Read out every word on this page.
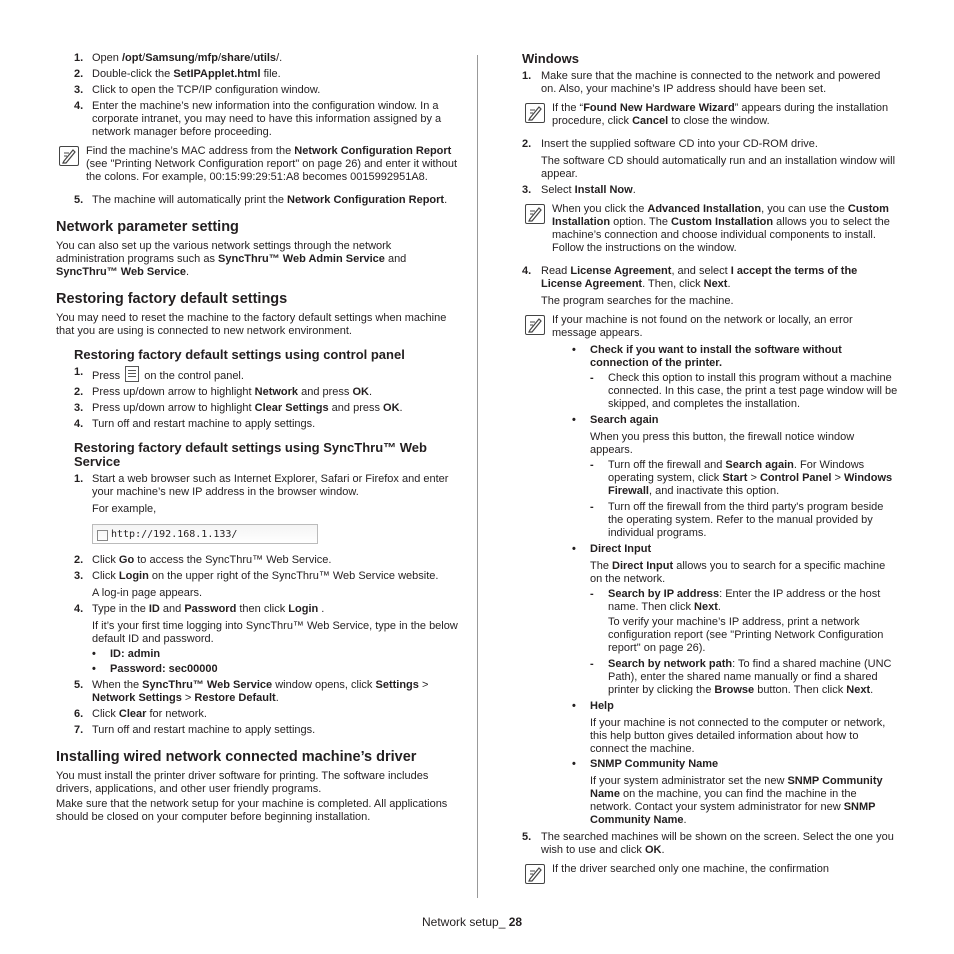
1. Open /opt/Samsung/mfp/share/utils/.
2. Double-click the SetIPApplet.html file.
3. Click to open the TCP/IP configuration window.
4. Enter the machine’s new information into the configuration window. In a corporate intranet, you may need to have this information assigned by a network manager before proceeding.
Find the machine’s MAC address from the Network Configuration Report (see "Printing Network Configuration report" on page 26) and enter it without the colons. For example, 00:15:99:29:51:A8 becomes 0015992951A8.
5. The machine will automatically print the Network Configuration Report.
Network parameter setting

You can also set up the various network settings through the network administration programs such as SyncThru™ Web Admin Service and SyncThru™ Web Service.

Restoring factory default settings

You may need to reset the machine to the factory default settings when machine that you are using is connected to new network environment.

Restoring factory default settings using control panel
1. Press on the control panel.
2. Press up/down arrow to highlight Network and press OK.
3. Press up/down arrow to highlight Clear Settings and press OK.
4. Turn off and restart machine to apply settings.
Restoring factory default settings using SyncThru™ Web Service
1. Start a web browser such as Internet Explorer, Safari or Firefox and enter your machine’s new IP address in the browser window.
For example,
http://192.168.1.133/
2. Click Go to access the SyncThru™ Web Service.
3. Click Login on the upper right of the SyncThru™ Web Service website.
A log-in page appears.
4. Type in the ID and Password then click Login .
If it’s your first time logging into SyncThru™ Web Service, type in the below default ID and password.
• ID: admin
• Password: sec00000
5. When the SyncThru™ Web Service window opens, click Settings > Network Settings > Restore Default.
6. Click Clear for network.
7. Turn off and restart machine to apply settings.
Installing wired network connected machine’s driver

You must install the printer driver software for printing. The software includes drivers, applications, and other user friendly programs.

Make sure that the network setup for your machine is completed. All applications should be closed on your computer before beginning installation.

Windows
1. Make sure that the machine is connected to the network and powered on. Also, your machine’s IP address should have been set.
If the “Found New Hardware Wizard” appears during the installation procedure, click Cancel to close the window.
2. Insert the supplied software CD into your CD-ROM drive.
The software CD should automatically run and an installation window will appear.
3. Select Install Now.
When you click the Advanced Installation, you can use the Custom Installation option. The Custom Installation allows you to select the machine’s connection and choose individual components to install. Follow the instructions on the window.
4. Read License Agreement, and select I accept the terms of the License Agreement. Then, click Next.
The program searches for the machine.
If your machine is not found on the network or locally, an error message appears.
• Check if you want to install the software without connection of the printer.
- Check this option to install this program without a machine connected. In this case, the print a test page window will be skipped, and completes the installation.
• Search again
When you press this button, the firewall notice window appears.
- Turn off the firewall and Search again. For Windows operating system, click Start > Control Panel > Windows Firewall, and inactivate this option.
- Turn off the firewall from the third party's program beside the operating system. Refer to the manual provided by individual programs.
• Direct Input
The Direct Input allows you to search for a specific machine on the network.
- Search by IP address: Enter the IP address or the host name. Then click Next.
To verify your machine’s IP address, print a network configuration report (see "Printing Network Configuration report" on page 26).
- Search by network path: To find a shared machine (UNC Path), enter the shared name manually or find a shared printer by clicking the Browse button. Then click Next.
• Help
If your machine is not connected to the computer or network, this help button gives detailed information about how to connect the machine.
• SNMP Community Name
If your system administrator set the new SNMP Community Name on the machine, you can find the machine in the network. Contact your system administrator for new SNMP Community Name.
5. The searched machines will be shown on the screen. Select the one you wish to use and click OK.
If the driver searched only one machine, the confirmation
Network setup_ 28
